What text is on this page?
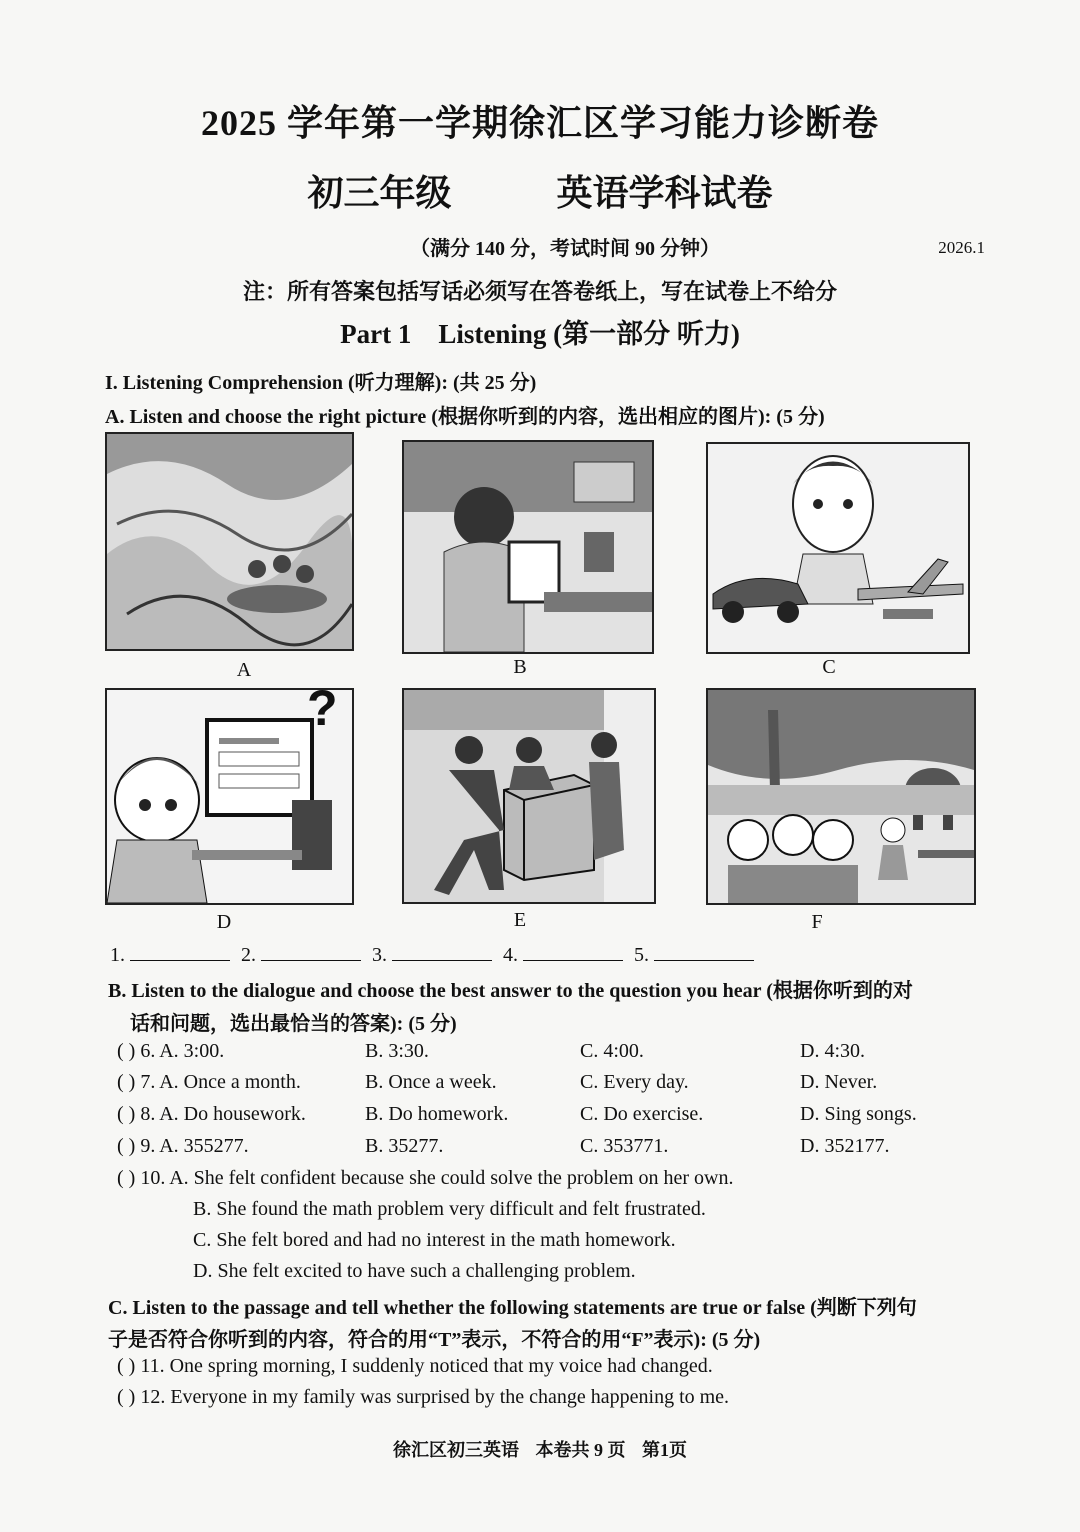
2025 学年第一学期徐汇区学习能力诊断卷
初三年级	英语学科试卷
（满分 140 分，考试时间 90 分钟）	2026.1
注：所有答案包括写话必须写在答卷纸上，写在试卷上不给分
Part 1　Listening (第一部分 听力)
I. Listening Comprehension (听力理解): (共 25 分)
A. Listen and choose the right picture (根据你听到的内容，选出相应的图片): (5 分)
A	B	C
?
D	E	F
1.	2.	3.	4.	5.
B. Listen to the dialogue and choose the best answer to the question you hear (根据你听到的对
话和问题，选出最恰当的答案): (5 分)
( ) 6. A. 3:00.	B. 3:30.	C. 4:00.	D. 4:30.
( ) 7. A. Once a month.	B. Once a week.	C. Every day.	D. Never.
( ) 8. A. Do housework.	B. Do homework.	C. Do exercise.	D. Sing songs.
( ) 9. A. 355277.	B. 35277.	C. 353771.	D. 352177.
( ) 10. A. She felt confident because she could solve the problem on her own.
B. She found the math problem very difficult and felt frustrated.
C. She felt bored and had no interest in the math homework.
D. She felt excited to have such a challenging problem.
C. Listen to the passage and tell whether the following statements are true or false (判断下列句
子是否符合你听到的内容，符合的用“T”表示，不符合的用“F”表示): (5 分)
( ) 11. One spring morning, I suddenly noticed that my voice had changed.
( ) 12. Everyone in my family was surprised by the change happening to me.
徐汇区初三英语 本卷共 9 页 第1页
